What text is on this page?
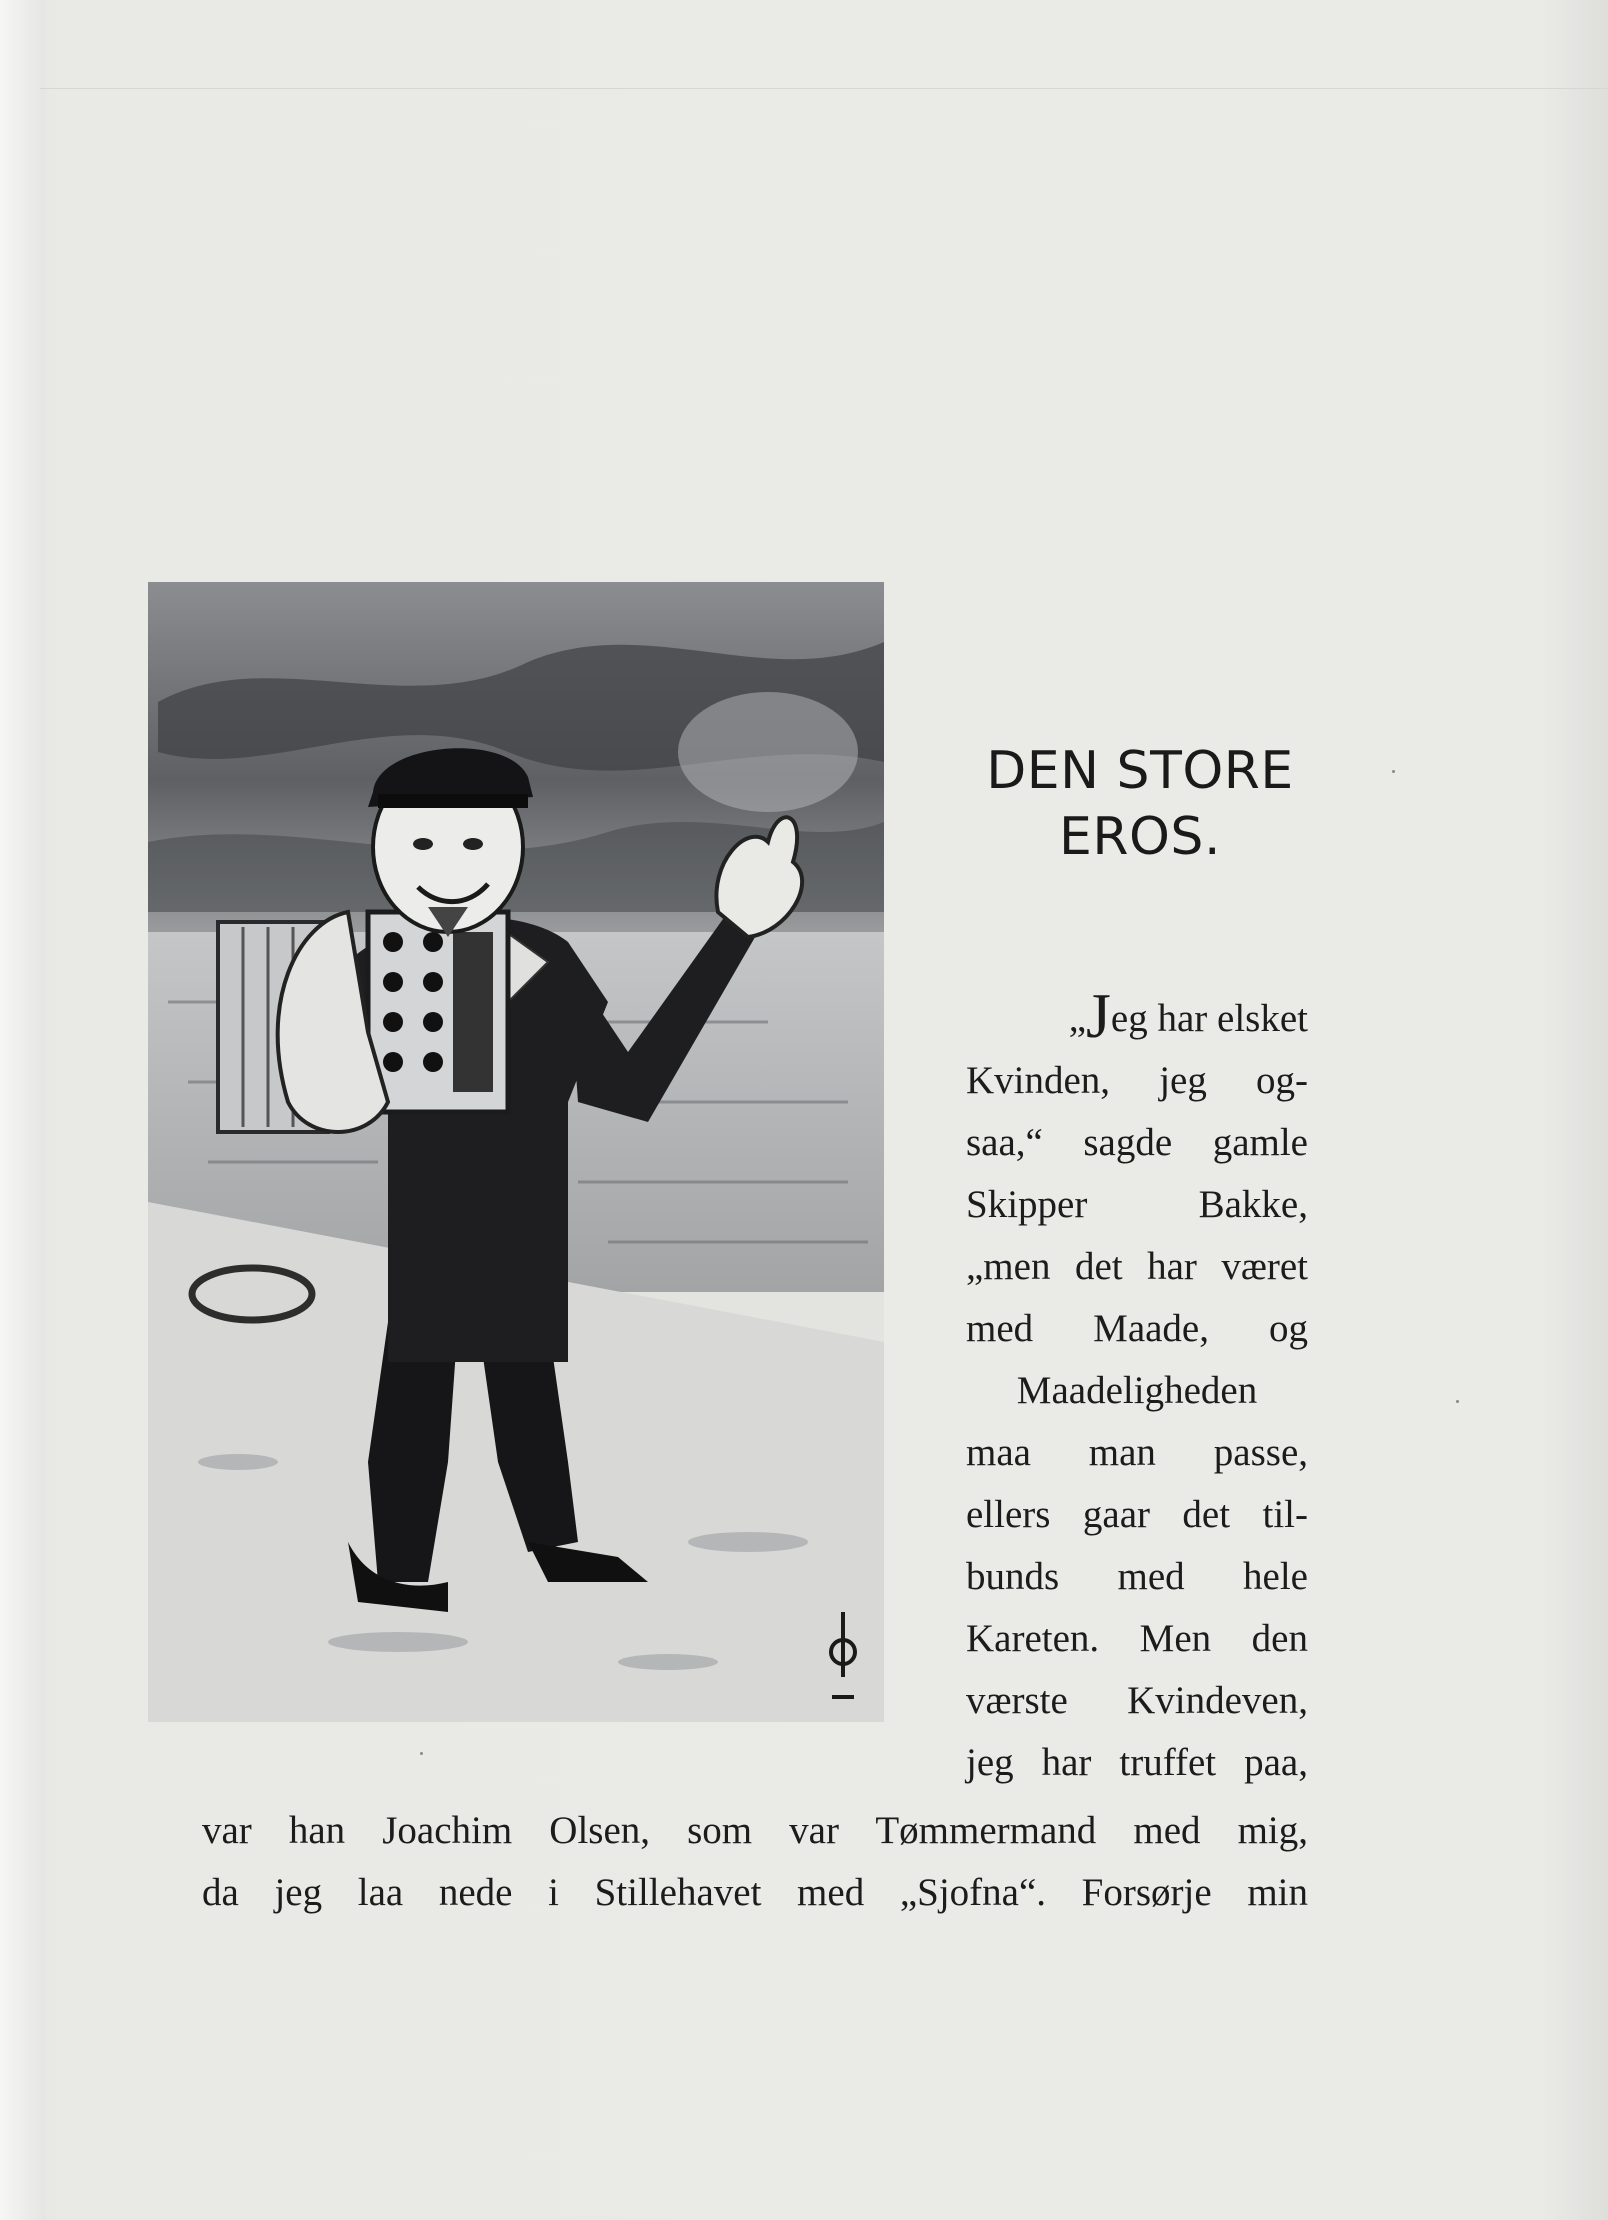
DEN STORE
EROS.
„Jeg har elsket
Kvinden, jeg og-
saa,“ sagde gamle
Skipper Bakke,
„men det har været
med Maade, og
Maadeligheden
maa man passe,
ellers gaar det til-
bunds med hele
Kareten. Men den
værste Kvindeven,
jeg har truffet paa,
var han Joachim Olsen, som var Tømmermand med mig,
da jeg laa nede i Stillehavet med „Sjofna“. Forsørje min
